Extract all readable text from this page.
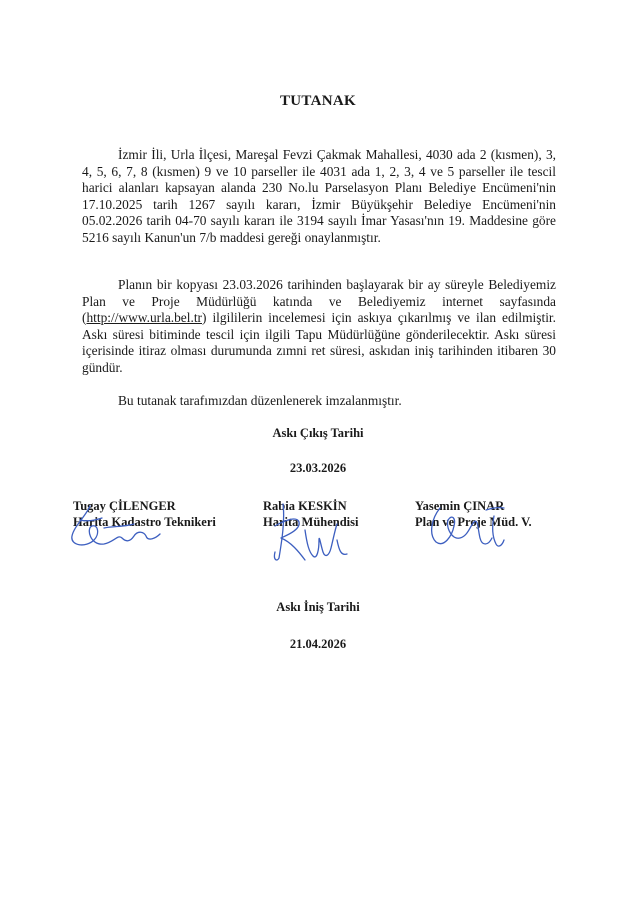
TUTANAK
İzmir İli, Urla İlçesi, Mareşal Fevzi Çakmak Mahallesi, 4030 ada 2 (kısmen), 3, 4, 5, 6, 7, 8 (kısmen) 9 ve 10 parseller ile 4031 ada 1, 2, 3, 4 ve 5 parseller ile tescil harici alanları kapsayan alanda 230 No.lu Parselasyon Planı Belediye Encümeni'nin 17.10.2025 tarih 1267 sayılı kararı, İzmir Büyükşehir Belediye Encümeni'nin 05.02.2026 tarih 04-70 sayılı kararı ile 3194 sayılı İmar Yasası'nın 19. Maddesine göre 5216 sayılı Kanun'un 7/b maddesi gereği onaylanmıştır.
Planın bir kopyası 23.03.2026 tarihinden başlayarak bir ay süreyle Belediyemiz Plan ve Proje Müdürlüğü katında ve Belediyemiz internet sayfasında (http://www.urla.bel.tr) ilgililerin incelemesi için askıya çıkarılmış ve ilan edilmiştir. Askı süresi bitiminde tescil için ilgili Tapu Müdürlüğüne gönderilecektir. Askı süresi içerisinde itiraz olması durumunda zımni ret süresi, askıdan iniş tarihinden itibaren 30 gündür.
Bu tutanak tarafımızdan düzenlenerek imzalanmıştır.
Askı Çıkış Tarihi
23.03.2026
Tugay ÇİLENGER
Harita Kadastro Teknikeri
Rabia KESKİN
Harita Mühendisi
Yasemin ÇINAR
Plan ve Proje Müd. V.
Askı İniş Tarihi
21.04.2026
